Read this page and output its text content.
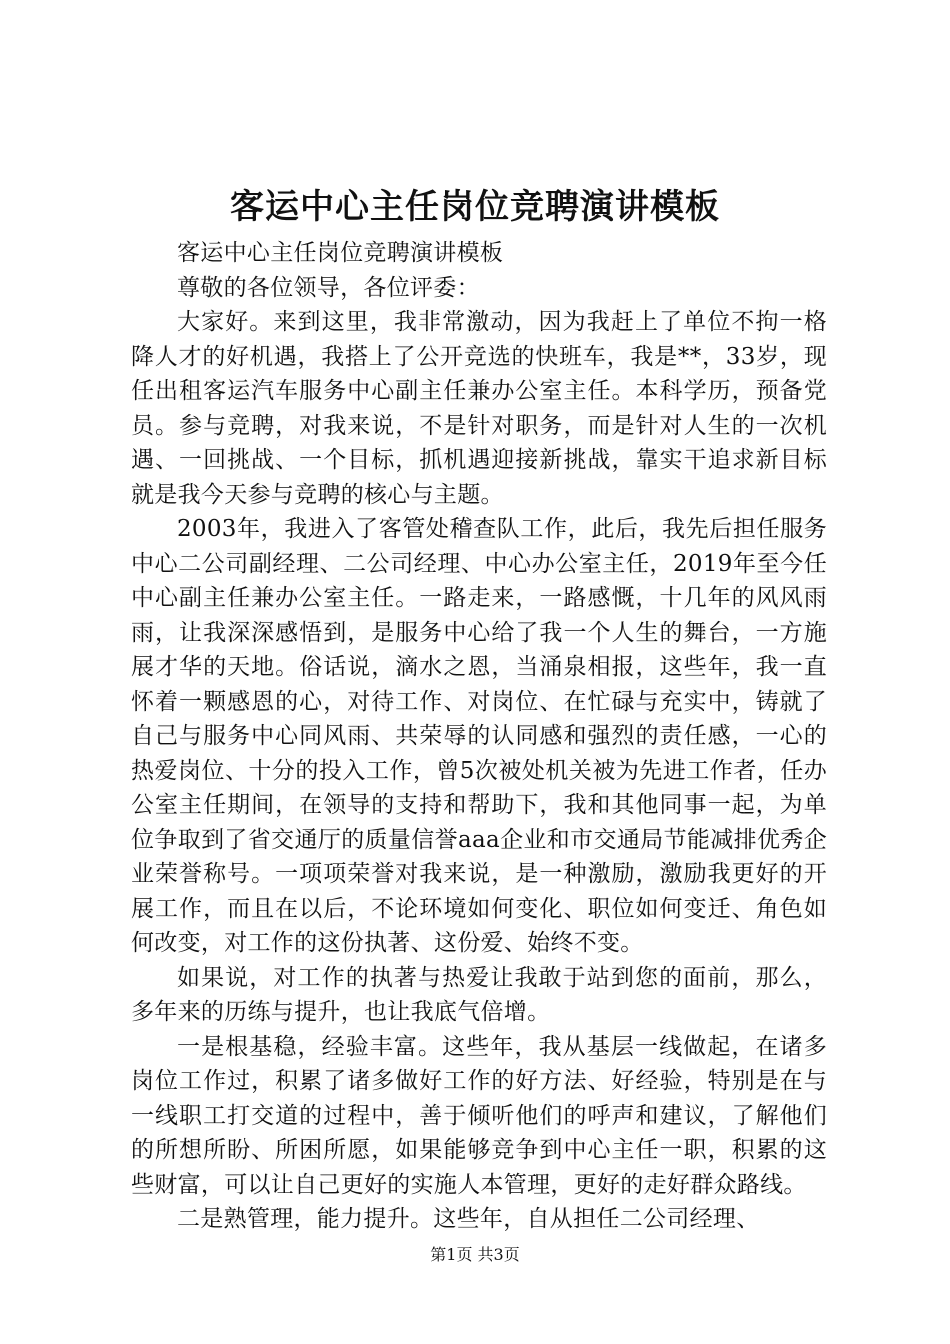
客运中心主任岗位竞聘演讲模板

客运中心主任岗位竞聘演讲模板

尊敬的各位领导，各位评委：

大家好。来到这里，我非常激动，因为我赶上了单位不拘一格降人才的好机遇，我搭上了公开竞选的快班车，我是**，33岁，现任出租客运汽车服务中心副主任兼办公室主任。本科学历，预备党员。参与竞聘，对我来说，不是针对职务，而是针对人生的一次机遇、一回挑战、一个目标，抓机遇迎接新挑战，靠实干追求新目标就是我今天参与竞聘的核心与主题。

2003年，我进入了客管处稽查队工作，此后，我先后担任服务中心二公司副经理、二公司经理、中心办公室主任，2019年至今任中心副主任兼办公室主任。一路走来，一路感慨，十几年的风风雨雨，让我深深感悟到，是服务中心给了我一个人生的舞台，一方施展才华的天地。俗话说，滴水之恩，当涌泉相报，这些年，我一直怀着一颗感恩的心，对待工作、对岗位、在忙碌与充实中，铸就了自己与服务中心同风雨、共荣辱的认同感和强烈的责任感，一心的热爱岗位、十分的投入工作，曾5次被处机关被为先进工作者，任办公室主任期间，在领导的支持和帮助下，我和其他同事一起，为单位争取到了省交通厅的质量信誉aaa企业和市交通局节能减排优秀企业荣誉称号。一项项荣誉对我来说，是一种激励，激励我更好的开展工作，而且在以后，不论环境如何变化、职位如何变迁、角色如何改变，对工作的这份执著、这份爱、始终不变。

如果说，对工作的执著与热爱让我敢于站到您的面前，那么，多年来的历练与提升，也让我底气倍增。

一是根基稳，经验丰富。这些年，我从基层一线做起，在诸多岗位工作过，积累了诸多做好工作的好方法、好经验，特别是在与一线职工打交道的过程中，善于倾听他们的呼声和建议，了解他们的所想所盼、所困所愿，如果能够竞争到中心主任一职，积累的这些财富，可以让自己更好的实施人本管理，更好的走好群众路线。

二是熟管理，能力提升。这些年，自从担任二公司经理、

第1页 共3页
